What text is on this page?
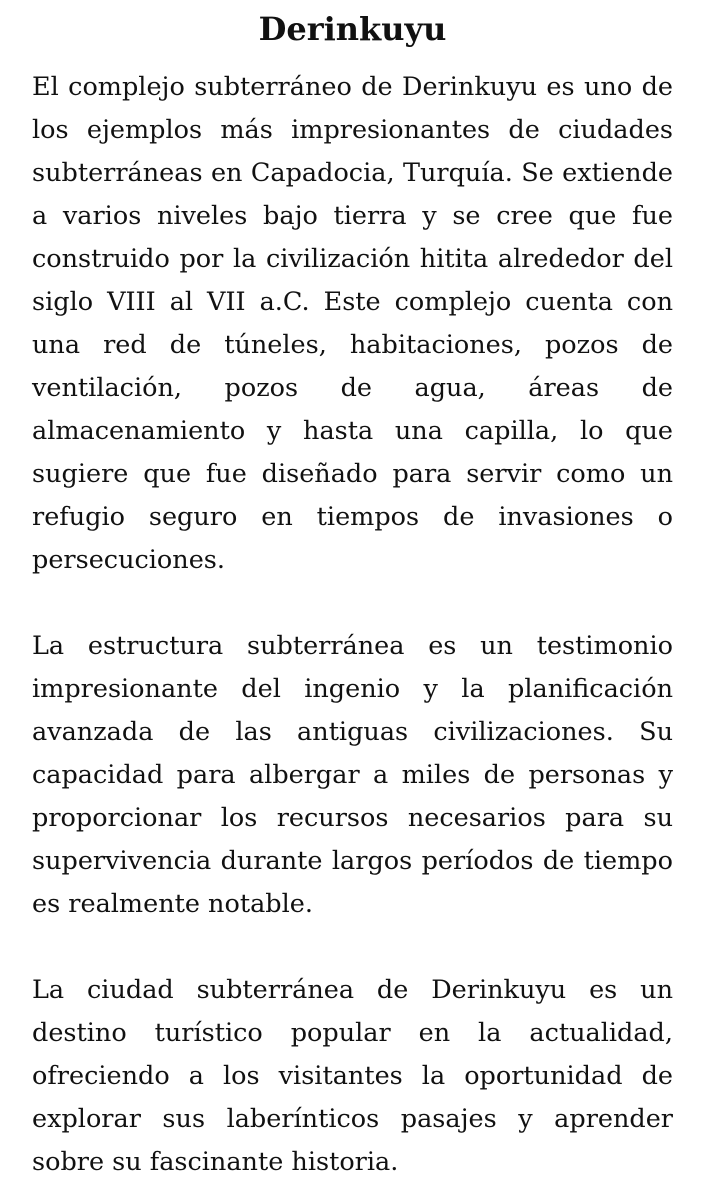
Derinkuyu

El complejo subterráneo de Derinkuyu es uno de los ejemplos más impresionantes de ciudades subterráneas en Capadocia, Turquía. Se extiende a varios niveles bajo tierra y se cree que fue construido por la civilización hitita alrededor del siglo VIII al VII a.C. Este complejo cuenta con una red de túneles, habitaciones, pozos de ventilación, pozos de agua, áreas de almacenamiento y hasta una capilla, lo que sugiere que fue diseñado para servir como un refugio seguro en tiempos de invasiones o persecuciones.

La estructura subterránea es un testimonio impresionante del ingenio y la planificación avanzada de las antiguas civilizaciones. Su capacidad para albergar a miles de personas y proporcionar los recursos necesarios para su supervivencia durante largos períodos de tiempo es realmente notable.

La ciudad subterránea de Derinkuyu es un destino turístico popular en la actualidad, ofreciendo a los visitantes la oportunidad de explorar sus laberínticos pasajes y aprender sobre su fascinante historia.
